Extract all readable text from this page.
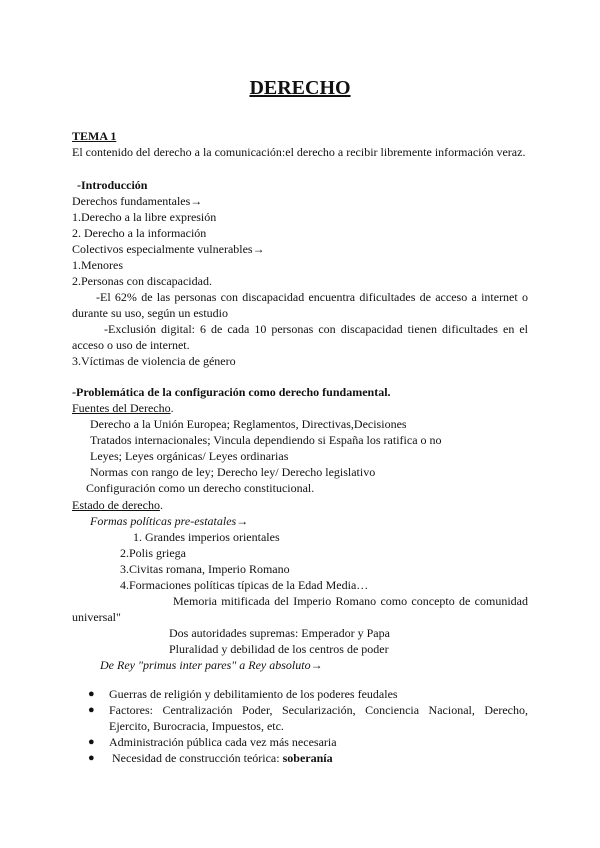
DERECHO
TEMA 1
El contenido del derecho a la comunicación:el derecho a recibir libremente información veraz.
-Introducción
Derechos fundamentales→
1.Derecho a la libre expresión
2. Derecho a la información
Colectivos especialmente vulnerables→
1.Menores
2.Personas con discapacidad.
-El 62% de las personas con discapacidad encuentra dificultades de acceso a internet o durante su uso, según un estudio
-Exclusión digital: 6 de cada 10 personas con discapacidad tienen dificultades en el acceso o uso de internet.
3.Víctimas de violencia de género
-Problemática de la configuración como derecho fundamental.
Fuentes del Derecho.
Derecho a la Unión Europea; Reglamentos, Directivas,Decisiones
Tratados internacionales; Vincula dependiendo si España los ratifica o no
Leyes; Leyes orgánicas/ Leyes ordinarias
Normas con rango de ley; Derecho ley/ Derecho legislativo
Configuración como un derecho constitucional.
Estado de derecho.
Formas políticas pre-estatales→
1. Grandes imperios orientales
2.Polis griega
3.Civitas romana, Imperio Romano
4.Formaciones políticas típicas de la Edad Media…
Memoria mitificada del Imperio Romano como concepto de comunidad universal"
Dos autoridades supremas: Emperador y Papa
Pluralidad y debilidad de los centros de poder
De Rey "primus inter pares" a Rey absoluto→
● Guerras de religión y debilitamiento de los poderes feudales
● Factores: Centralización Poder, Secularización, Conciencia Nacional, Derecho, Ejercito, Burocracia, Impuestos, etc.
● Administración pública cada vez más necesaria
● Necesidad de construcción teórica: soberanía
